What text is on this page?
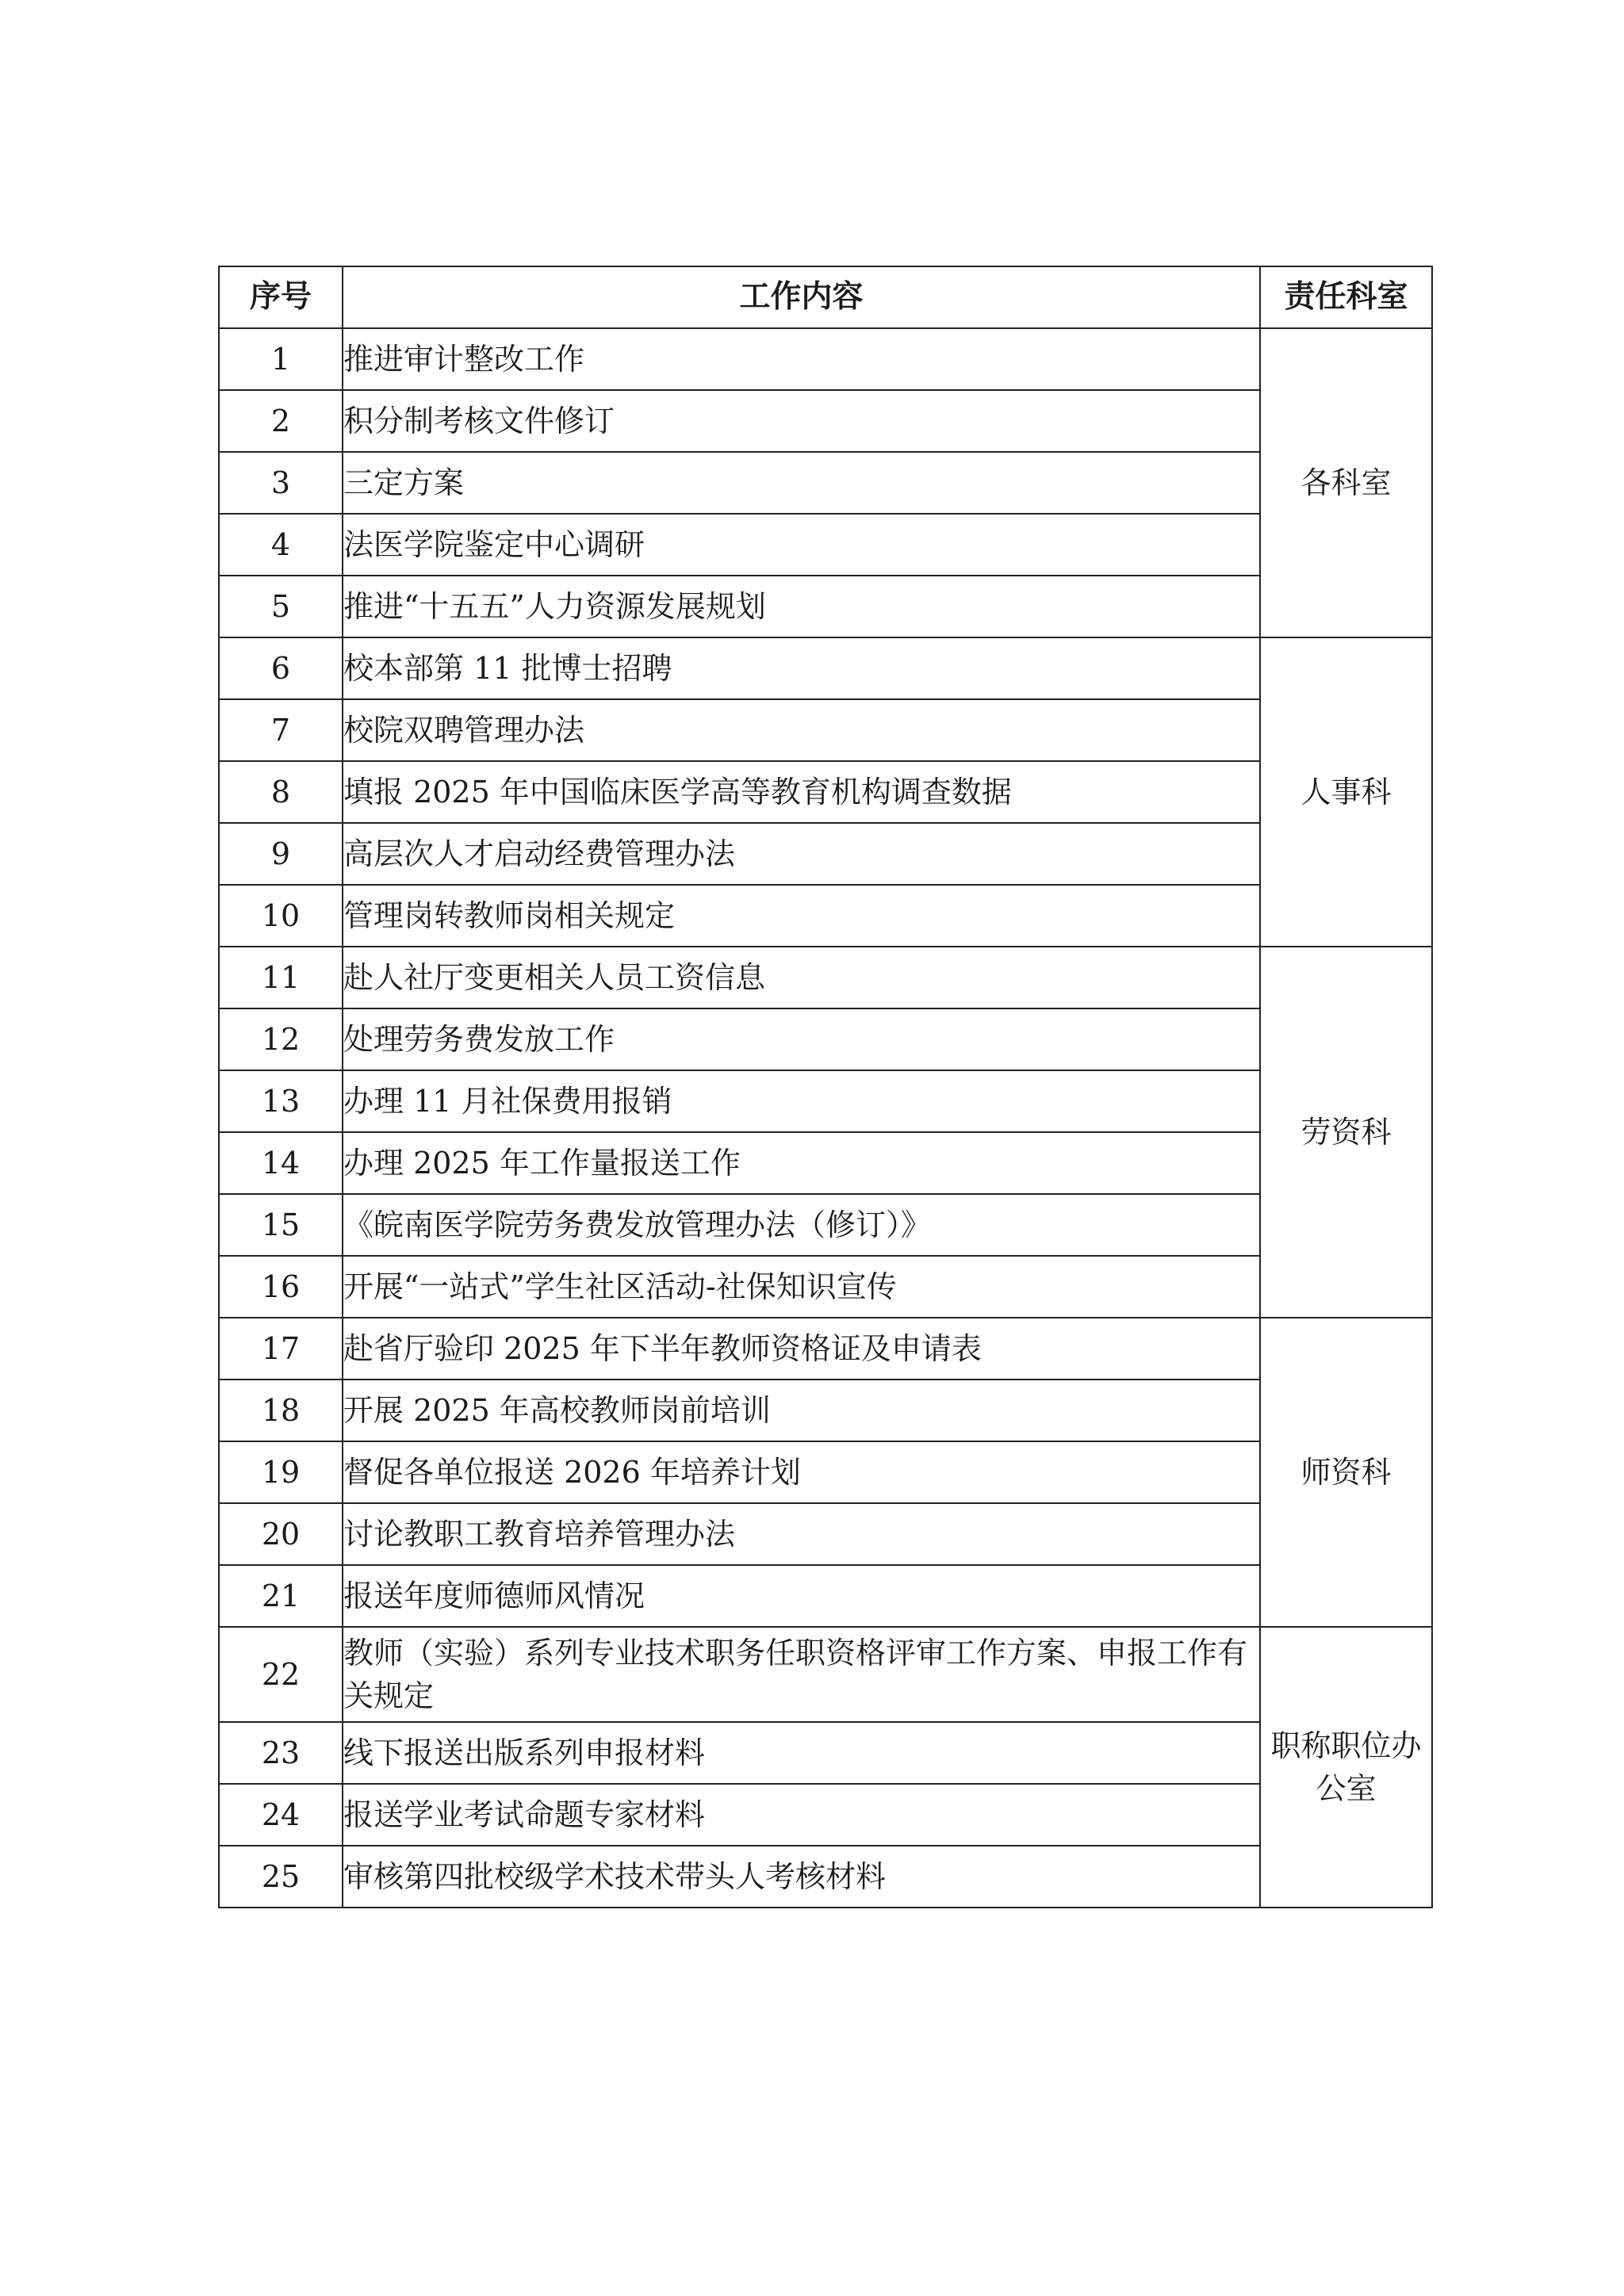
序号	工作内容	责任科室
1	推进审计整改工作	各科室
2	积分制考核文件修订	
3	三定方案	
4	法医学院鉴定中心调研	
5	推进“十五五”人力资源发展规划	
6	校本部第 11 批博士招聘	人事科
7	校院双聘管理办法	
8	填报 2025 年中国临床医学高等教育机构调查数据	
9	高层次人才启动经费管理办法	
10	管理岗转教师岗相关规定	
11	赴人社厅变更相关人员工资信息	劳资科
12	处理劳务费发放工作	
13	办理 11 月社保费用报销	
14	办理 2025 年工作量报送工作	
15	《皖南医学院劳务费发放管理办法（修订）》	
16	开展“一站式”学生社区活动-社保知识宣传	
17	赴省厅验印 2025 年下半年教师资格证及申请表	师资科
18	开展 2025 年高校教师岗前培训	
19	督促各单位报送 2026 年培养计划	
20	讨论教职工教育培养管理办法	
21	报送年度师德师风情况	
22	教师（实验）系列专业技术职务任职资格评审工作方案、申报工作有关规定	职称职位办公室
23	线下报送出版系列申报材料	
24	报送学业考试命题专家材料	
25	审核第四批校级学术技术带头人考核材料	
